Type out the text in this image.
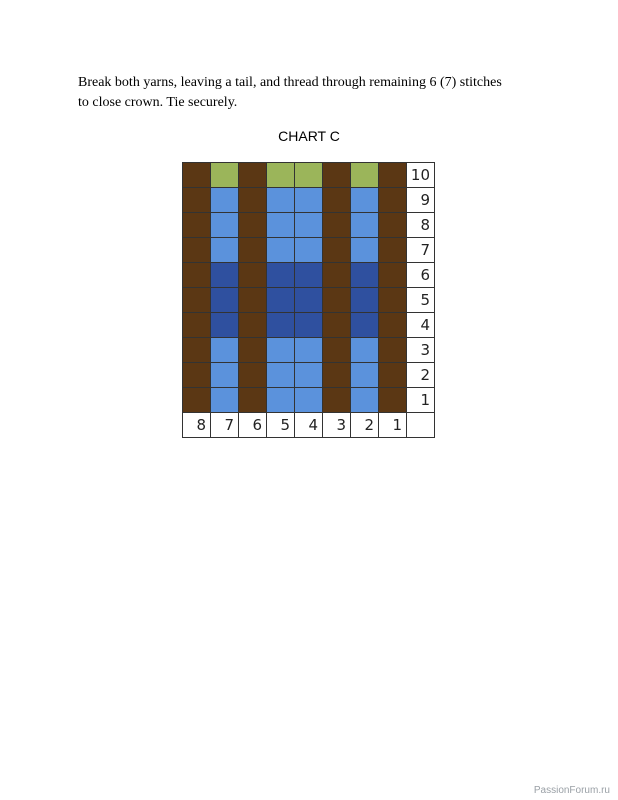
Break both yarns, leaving a tail, and thread through remaining 6 (7) stitches
to close crown. Tie securely.
CHART C
10
9
8
7
6
5
4
3
2
1
8	7	6	5	4	3	2	1
PassionForum.ru
